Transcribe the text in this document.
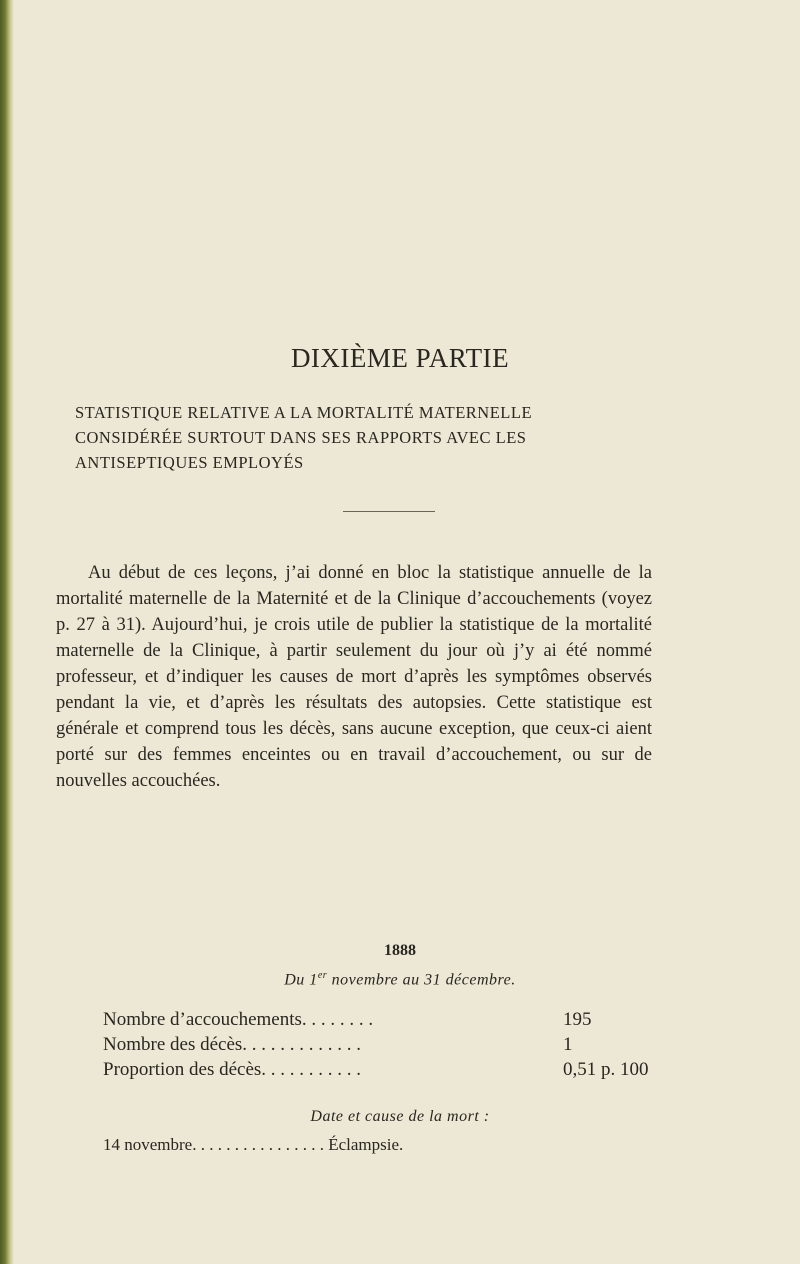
DIXIÈME PARTIE
STATISTIQUE RELATIVE A LA MORTALITÉ MATERNELLE
CONSIDÉRÉE SURTOUT DANS SES RAPPORTS AVEC LES
ANTISEPTIQUES EMPLOYÉS

Au début de ces leçons, j’ai donné en bloc la statistique annuelle de la mortalité maternelle de la Maternité et de la Clinique d’accouchements (voyez p. 27 à 31). Aujourd’hui, je crois utile de publier la statistique de la mortalité maternelle de la Clinique, à partir seulement du jour où j’y ai été nommé professeur, et d’indiquer les causes de mort d’après les symptômes observés pendant la vie, et d’après les résultats des autopsies. Cette statistique est générale et comprend tous les décès, sans aucune exception, que ceux-ci aient porté sur des femmes enceintes ou en travail d’accouchement, ou sur de nouvelles accouchées.

1888
Du 1er novembre au 31 décembre.
Nombre d’accouchements. . . . . . . .	195
Nombre des décès. . . . . . . . . . . . .	1
Proportion des décès. . . . . . . . . . .	0,51 p. 100
Date et cause de la mort :
14 novembre. . . . . . . . . . . . . . . . Éclampsie.
